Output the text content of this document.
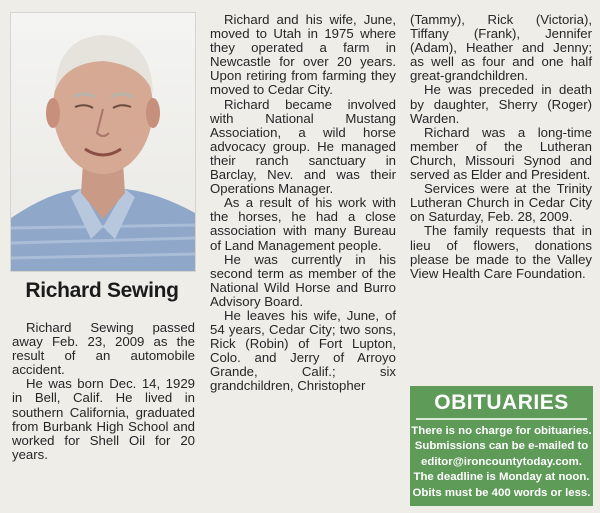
Richard Sewing

Richard Sewing passed away Feb. 23, 2009 as the result of an automobile accident.

He was born Dec. 14, 1929 in Bell, Calif. He lived in southern California, graduated from Burbank High School and worked for Shell Oil for 20 years.

Richard and his wife, June, moved to Utah in 1975 where they operated a farm in Newcastle for over 20 years. Upon retiring from farming they moved to Cedar City.

Richard became involved with National Mustang Association, a wild horse advocacy group. He managed their ranch sanctuary in Barclay, Nev. and was their Operations Manager.

As a result of his work with the horses, he had a close association with many Bureau of Land Management people.

He was currently in his second term as member of the National Wild Horse and Burro Advisory Board.

He leaves his wife, June, of 54 years, Cedar City; two sons, Rick (Robin) of Fort Lupton, Colo. and Jerry of Arroyo Grande, Calif.; six grandchildren, Christopher

(Tammy), Rick (Victoria), Tiffany (Frank), Jennifer (Adam), Heather and Jenny; as well as four and one half great-grandchildren.

He was preceded in death by daughter, Sherry (Roger) Warden.

Richard was a long-time member of the Lutheran Church, Missouri Synod and served as Elder and President.

Services were at the Trinity Lutheran Church in Cedar City on Saturday, Feb. 28, 2009.

The family requests that in lieu of flowers, donations please be made to the Valley View Health Care Foundation.

OBITUARIES
There is no charge for obituaries.
Submissions can be e-mailed to
editor@ironcountytoday.com.
The deadline is Monday at noon.
Obits must be 400 words or less.
